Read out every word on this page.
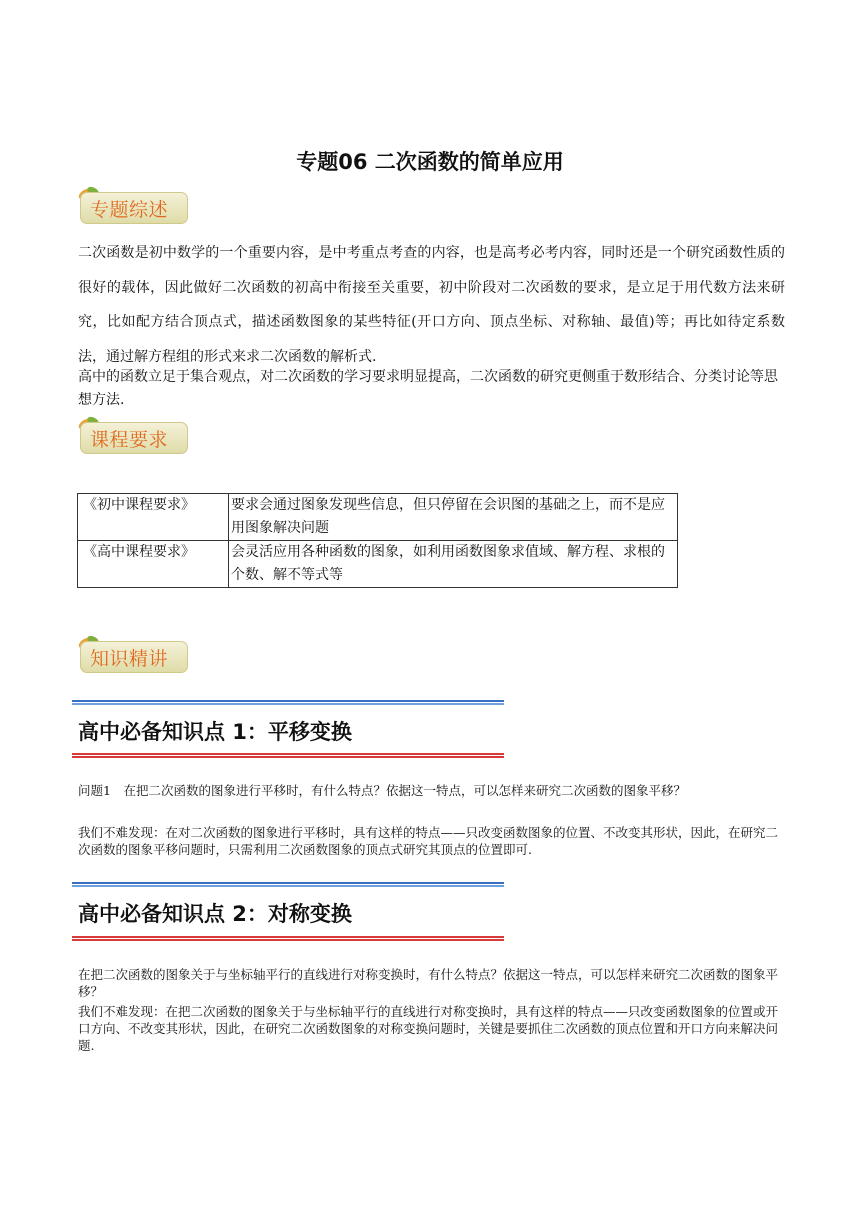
专题06 二次函数的简单应用
专题综述

二次函数是初中数学的一个重要内容，是中考重点考查的内容，也是高考必考内容，同时还是一个研究函数性质的很好的载体，因此做好二次函数的初高中衔接至关重要，初中阶段对二次函数的要求，是立足于用代数方法来研究，比如配方结合顶点式，描述函数图象的某些特征(开口方向、顶点坐标、对称轴、最值)等；再比如待定系数法，通过解方程组的形式来求二次函数的解析式.

高中的函数立足于集合观点，对二次函数的学习要求明显提高，二次函数的研究更侧重于数形结合、分类讨论等思想方法.

课程要求
《初中课程要求》	要求会通过图象发现些信息，但只停留在会识图的基础之上，而不是应用图象解决问题
《高中课程要求》	会灵活应用各种函数的图象，如利用函数图象求值域、解方程、求根的个数、解不等式等
知识精讲
高中必备知识点 1：平移变换

问题1　在把二次函数的图象进行平移时，有什么特点？依据这一特点，可以怎样来研究二次函数的图象平移？

我们不难发现：在对二次函数的图象进行平移时，具有这样的特点——只改变函数图象的位置、不改变其形状，因此，在研究二次函数的图象平移问题时，只需利用二次函数图象的顶点式研究其顶点的位置即可.

高中必备知识点 2：对称变换

在把二次函数的图象关于与坐标轴平行的直线进行对称变换时，有什么特点？依据这一特点，可以怎样来研究二次函数的图象平移？

我们不难发现：在把二次函数的图象关于与坐标轴平行的直线进行对称变换时，具有这样的特点——只改变函数图象的位置或开口方向、不改变其形状，因此，在研究二次函数图象的对称变换问题时，关键是要抓住二次函数的顶点位置和开口方向来解决问题.
